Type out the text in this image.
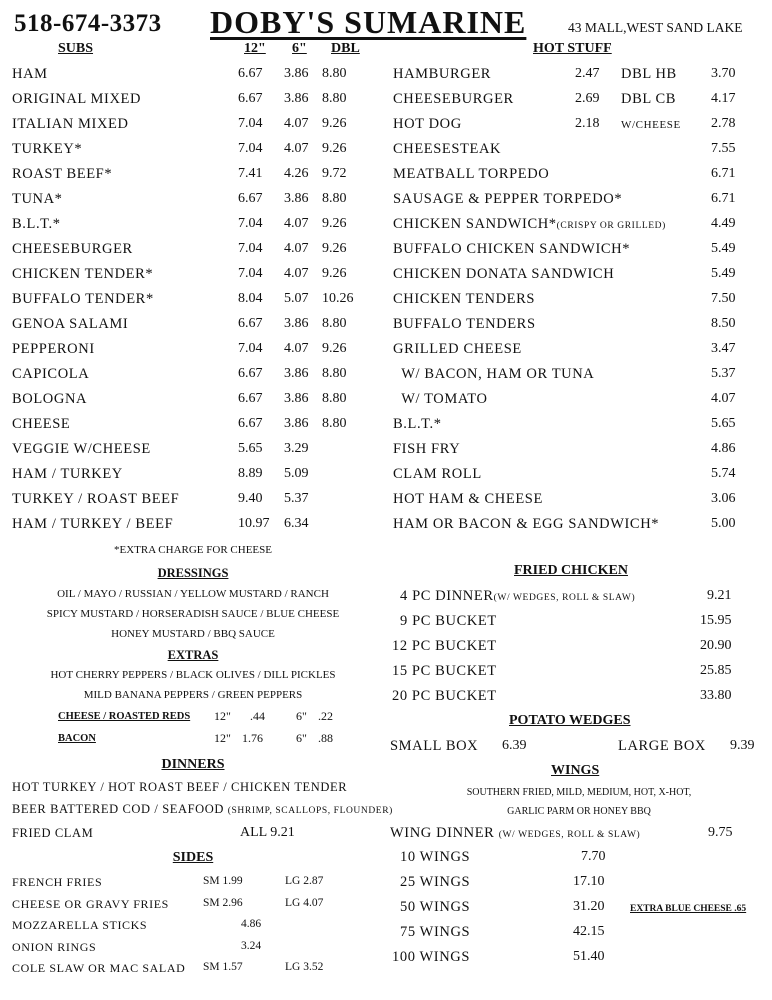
518-674-3373 DOBY'S SUMARINE	43 MALL,WEST SAND LAKE
SUBS	12" 6" DBL
HAM	6.67 3.86 8.80
ORIGINAL MIXED	6.67 3.86 8.80
ITALIAN MIXED	7.04 4.07 9.26
TURKEY*	7.04 4.07 9.26
ROAST BEEF*	7.41 4.26 9.72
TUNA*	6.67 3.86 8.80
B.L.T.*	7.04 4.07 9.26
CHEESEBURGER	7.04 4.07 9.26
CHICKEN TENDER*	7.04 4.07 9.26
BUFFALO TENDER*	8.04 5.07 10.26
GENOA SALAMI	6.67 3.86 8.80
PEPPERONI	7.04 4.07 9.26
CAPICOLA	6.67 3.86 8.80
BOLOGNA	6.67 3.86 8.80
CHEESE	6.67 3.86 8.80
VEGGIE W/CHEESE	5.65 3.29
HAM / TURKEY	8.89 5.09
TURKEY / ROAST BEEF	9.40 5.37
HAM / TURKEY / BEEF	10.97 6.34
*EXTRA CHARGE FOR CHEESE
DRESSINGS
OIL / MAYO / RUSSIAN / YELLOW MUSTARD / RANCH
SPICY MUSTARD / HORSERADISH SAUCE / BLUE CHEESE
HONEY MUSTARD / BBQ SAUCE
EXTRAS
HOT CHERRY PEPPERS / BLACK OLIVES / DILL PICKLES
MILD BANANA PEPPERS / GREEN PEPPERS
CHEESE / ROASTED REDS 12" .44	6" .22
BACON	12" 1.76	6" .88
DINNERS
HOT TURKEY / HOT ROAST BEEF / CHICKEN TENDER
BEER BATTERED COD / SEAFOOD (SHRIMP, SCALLOPS, FLOUNDER)
FRIED CLAM	ALL 9.21
SIDES
FRENCH FRIES	SM 1.99	LG 2.87
CHEESE OR GRAVY FRIES	SM 2.96	LG 4.07
MOZZARELLA STICKS	4.86
ONION RINGS	3.24
COLE SLAW OR MAC SALAD SM 1.57	LG 3.52
HOT STUFF
HAMBURGER	2.47 DBL HB 3.70
CHEESEBURGER	2.69 DBL CB 4.17
HOT DOG	2.18 W/CHEESE 2.78
CHEESESTEAK	7.55
MEATBALL TORPEDO	6.71
SAUSAGE & PEPPER TORPEDO*	6.71
CHICKEN SANDWICH*(CRISPY OR GRILLED)	4.49
BUFFALO CHICKEN SANDWICH*	5.49
CHICKEN DONATA SANDWICH	5.49
CHICKEN TENDERS	7.50
BUFFALO TENDERS	8.50
GRILLED CHEESE	3.47
W/ BACON, HAM OR TUNA	5.37
W/ TOMATO	4.07
B.L.T.*	5.65
FISH FRY	4.86
CLAM ROLL	5.74
HOT HAM & CHEESE	3.06
HAM OR BACON & EGG SANDWICH*	5.00
FRIED CHICKEN
4 PC DINNER(W/ WEDGES, ROLL & SLAW)	9.21
9 PC BUCKET	15.95
12 PC BUCKET	20.90
15 PC BUCKET	25.85
20 PC BUCKET	33.80
POTATO WEDGES
SMALL BOX 6.39	LARGE BOX 9.39
WINGS
SOUTHERN FRIED, MILD, MEDIUM, HOT, X-HOT,
GARLIC PARM OR HONEY BBQ
WING DINNER (W/ WEDGES, ROLL & SLAW)	9.75
10 WINGS	7.70
25 WINGS	17.10
50 WINGS	31.20
75 WINGS	42.15
100 WINGS	51.40
EXTRA BLUE CHEESE .65
